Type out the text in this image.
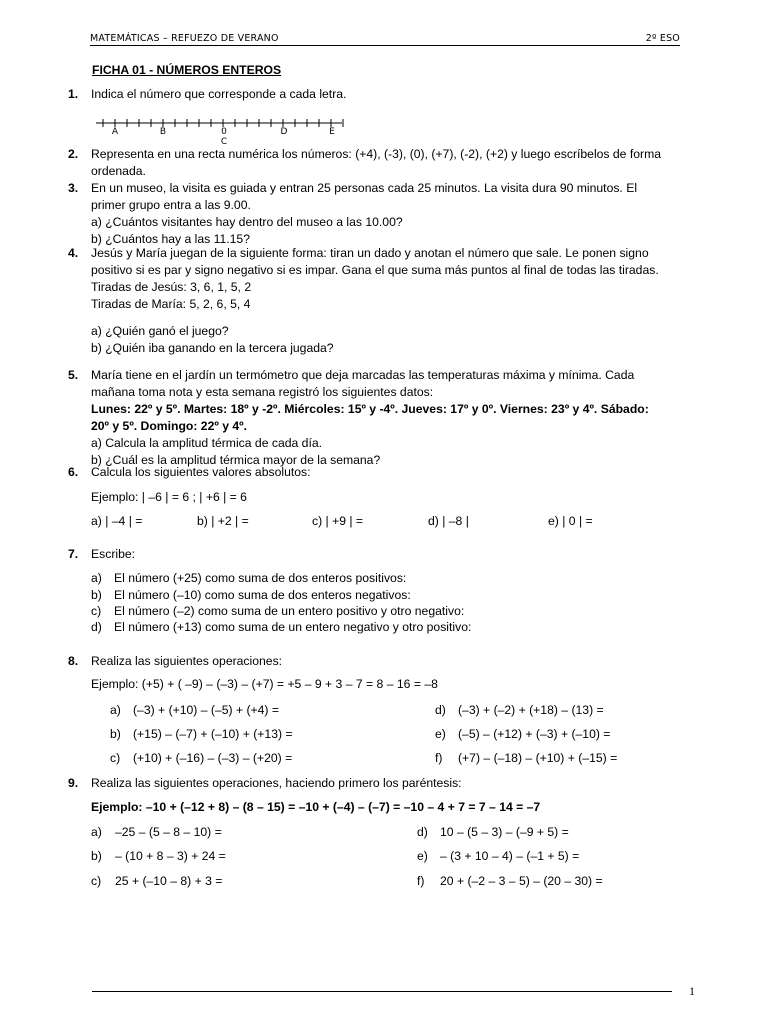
MATEMÁTICAS – REFUEZO DE VERANO	2º ESO
FICHA 01 - NÚMEROS ENTEROS
1. Indica el número que corresponde a cada letra.
A	B	0
C
D	E
2. Representa en una recta numérica los números: (+4), (-3), (0), (+7), (-2), (+2) y luego escríbelos de forma
ordenada.
3. En un museo, la visita es guiada y entran 25 personas cada 25 minutos. La visita dura 90 minutos. El
primer grupo entra a las 9.00.
a) ¿Cuántos visitantes hay dentro del museo a las 10.00?
b) ¿Cuántos hay a las 11.15?
4. Jesús y María juegan de la siguiente forma: tiran un dado y anotan el número que sale. Le ponen signo
positivo si es par y signo negativo si es impar. Gana el que suma más puntos al final de todas las tiradas.
Tiradas de Jesús: 3, 6, 1, 5, 2
Tiradas de María: 5, 2, 6, 5, 4
a) ¿Quién ganó el juego?
b) ¿Quién iba ganando en la tercera jugada?
5. María tiene en el jardín un termómetro que deja marcadas las temperaturas máxima y mínima. Cada
mañana toma nota y esta semana registró los siguientes datos:
Lunes: 22º y 5º. Martes: 18º y -2º. Miércoles: 15º y -4º. Jueves: 17º y 0º. Viernes: 23º y 4º. Sábado:
20º y 5º. Domingo: 22º y 4º.
a) Calcula la amplitud térmica de cada día.
b) ¿Cuál es la amplitud térmica mayor de la semana?
6. Calcula los siguientes valores absolutos:
Ejemplo: | –6 | = 6 ; | +6 | = 6
a) | –4 | =	b) | +2 | =	c) | +9 | =	d) | –8 |	e) | 0 | =
7. Escribe:
a) El número (+25) como suma de dos enteros positivos:
b) El número (–10) como suma de dos enteros negativos:
c) El número (–2) como suma de un entero positivo y otro negativo:
d) El número (+13) como suma de un entero negativo y otro positivo:
8. Realiza las siguientes operaciones:
Ejemplo: (+5) + ( –9) – (–3) – (+7) = +5 – 9 + 3 – 7 = 8 – 16 = –8
a) (–3) + (+10) – (–5) + (+4) =
b) (+15) – (–7) + (–10) + (+13) =
c) (+10) + (–16) – (–3) – (+20) =
d) (–3) + (–2) + (+18) – (13) =
e) (–5) – (+12) + (–3) + (–10) =
f) (+7) – (–18) – (+10) + (–15) =
9. Realiza las siguientes operaciones, haciendo primero los paréntesis:
Ejemplo: –10 + (–12 + 8) – (8 – 15) = –10 + (–4) – (–7) = –10 – 4 + 7 = 7 – 14 = –7
a) –25 – (5 – 8 – 10) =
b) – (10 + 8 – 3) + 24 =
c) 25 + (–10 – 8) + 3 =
d) 10 – (5 – 3) – (–9 + 5) =
e) – (3 + 10 – 4) – (–1 + 5) =
f) 20 + (–2 – 3 – 5) – (20 – 30) =
1
